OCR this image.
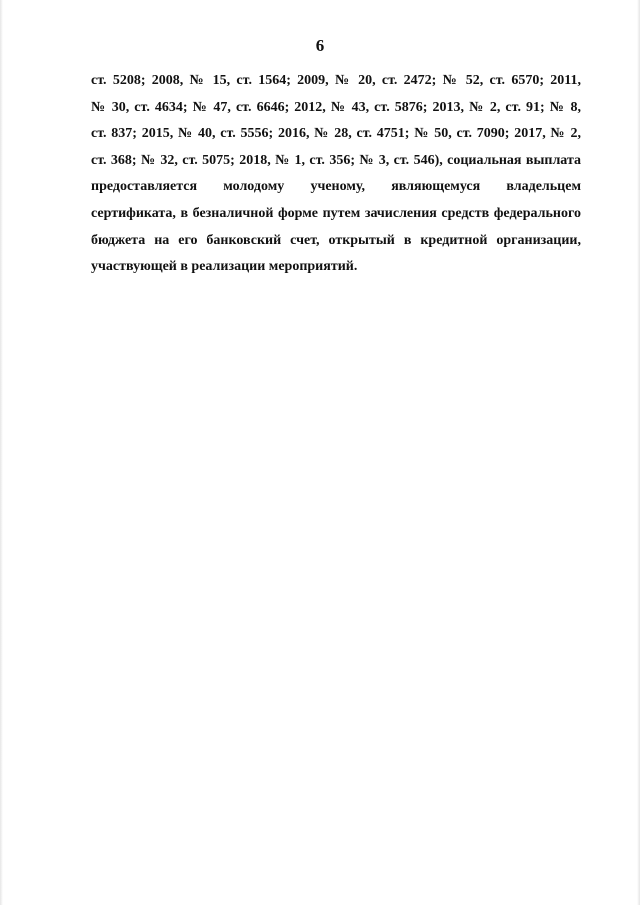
6
ст. 5208; 2008, № 15, ст. 1564; 2009, № 20, ст. 2472; № 52, ст. 6570; 2011,
№ 30, ст. 4634; № 47, ст. 6646; 2012, № 43, ст. 5876; 2013, № 2, ст. 91; № 8,
ст. 837; 2015, № 40, ст. 5556; 2016, № 28, ст. 4751; № 50, ст. 7090; 2017, № 2,
ст. 368; № 32, ст. 5075; 2018, № 1, ст. 356; № 3, ст. 546), социальная выплата
предоставляется молодому ученому, являющемуся владельцем
сертификата, в безналичной форме путем зачисления средств федерального
бюджета на его банковский счет, открытый в кредитной организации,
участвующей в реализации мероприятий.
